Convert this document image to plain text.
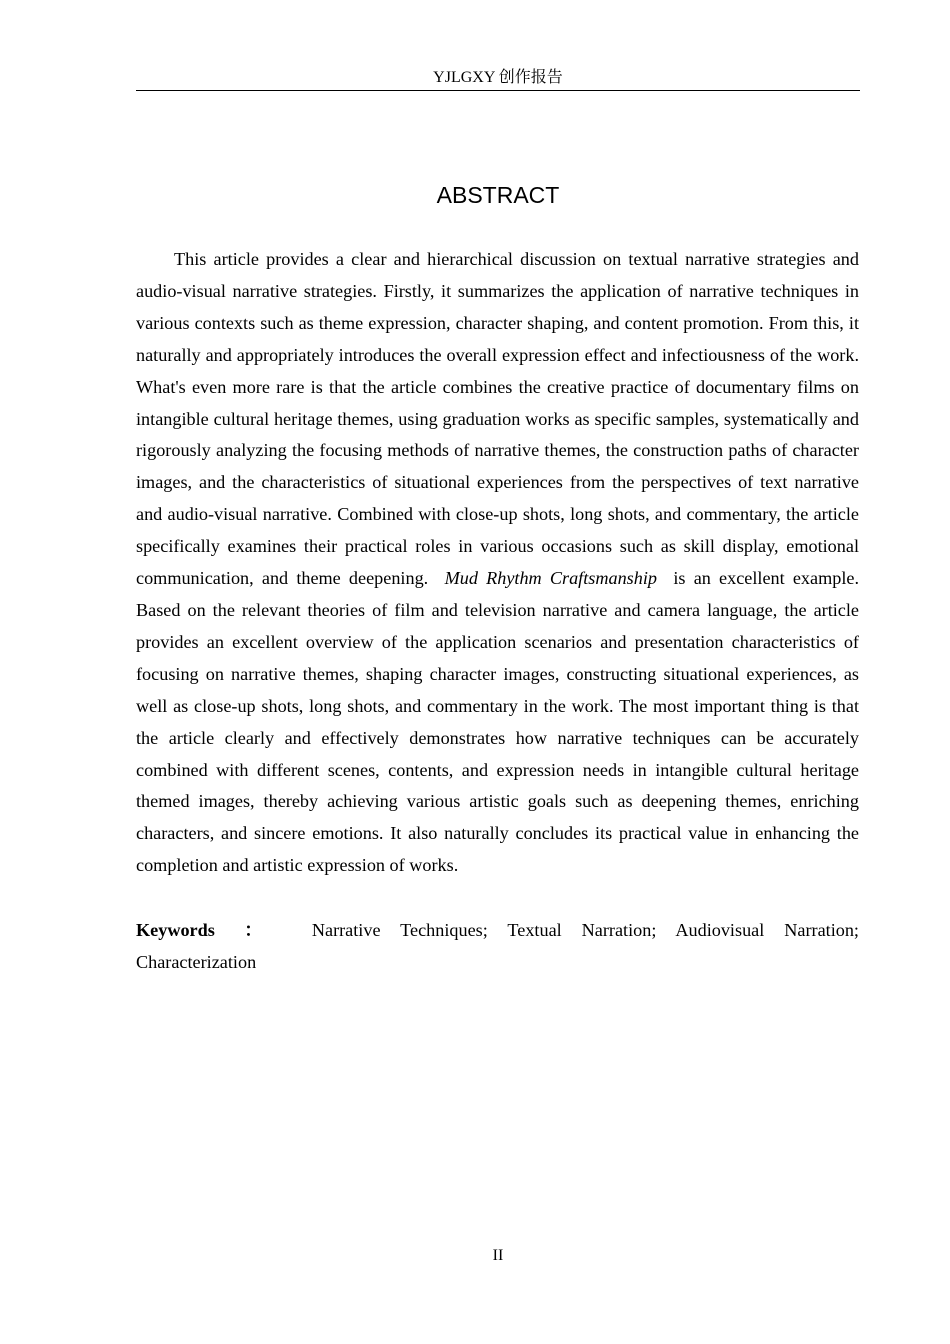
YJLGXY 创作报告
ABSTRACT

This article provides a clear and hierarchical discussion on textual narrative strategies and audio-visual narrative strategies. Firstly, it summarizes the application of narrative techniques in various contexts such as theme expression, character shaping, and content promotion. From this, it naturally and appropriately introduces the overall expression effect and infectiousness of the work. What's even more rare is that the article combines the creative practice of documentary films on intangible cultural heritage themes, using graduation works as specific samples, systematically and rigorously analyzing the focusing methods of narrative themes, the construction paths of character images, and the characteristics of situational experiences from the perspectives of text narrative and audio-visual narrative. Combined with close-up shots, long shots, and commentary, the article specifically examines their practical roles in various occasions such as skill display, emotional communication, and theme deepening. Mud Rhythm Craftsmanship is an excellent example. Based on the relevant theories of film and television narrative and camera language, the article provides an excellent overview of the application scenarios and presentation characteristics of focusing on narrative themes, shaping character images, constructing situational experiences, as well as close-up shots, long shots, and commentary in the work. The most important thing is that the article clearly and effectively demonstrates how narrative techniques can be accurately combined with different scenes, contents, and expression needs in intangible cultural heritage themed images, thereby achieving various artistic goals such as deepening themes, enriching characters, and sincere emotions. It also naturally concludes its practical value in enhancing the completion and artistic expression of works.

Keywords ： Narrative Techniques; Textual Narration; Audiovisual Narration; Characterization

II
